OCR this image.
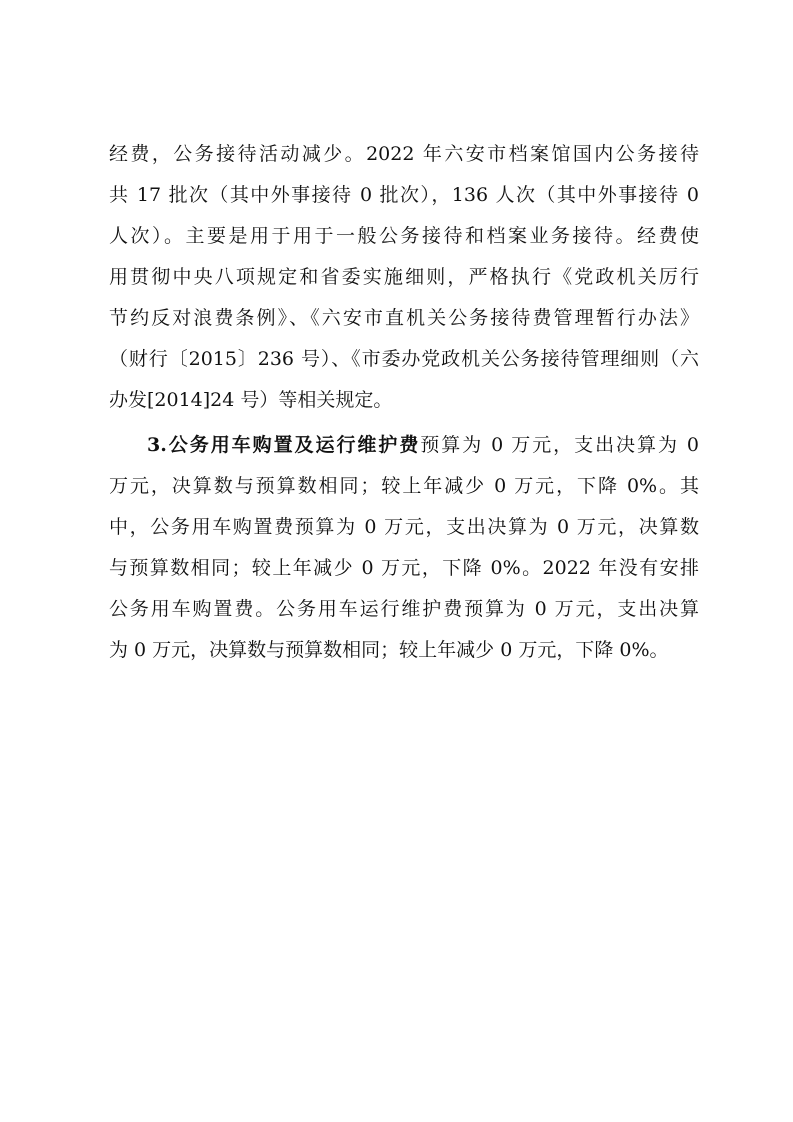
经费，公务接待活动减少。2022 年六安市档案馆国内公务接待
共 17 批次（其中外事接待 0 批次），136 人次（其中外事接待 0
人次）。主要是用于用于一般公务接待和档案业务接待。经费使
用贯彻中央八项规定和省委实施细则，严格执行《党政机关厉行
节约反对浪费条例》、《六安市直机关公务接待费管理暂行办法》
（财行〔2015〕236 号）、《市委办党政机关公务接待管理细则（六
办发[2014]24 号）等相关规定。
3.公务用车购置及运行维护费预算为 0 万元，支出决算为 0
万元，决算数与预算数相同；较上年减少 0 万元，下降 0%。其
中，公务用车购置费预算为 0 万元，支出决算为 0 万元，决算数
与预算数相同；较上年减少 0 万元，下降 0%。2022 年没有安排
公务用车购置费。公务用车运行维护费预算为 0 万元，支出决算
为 0 万元，决算数与预算数相同；较上年减少 0 万元，下降 0%。
